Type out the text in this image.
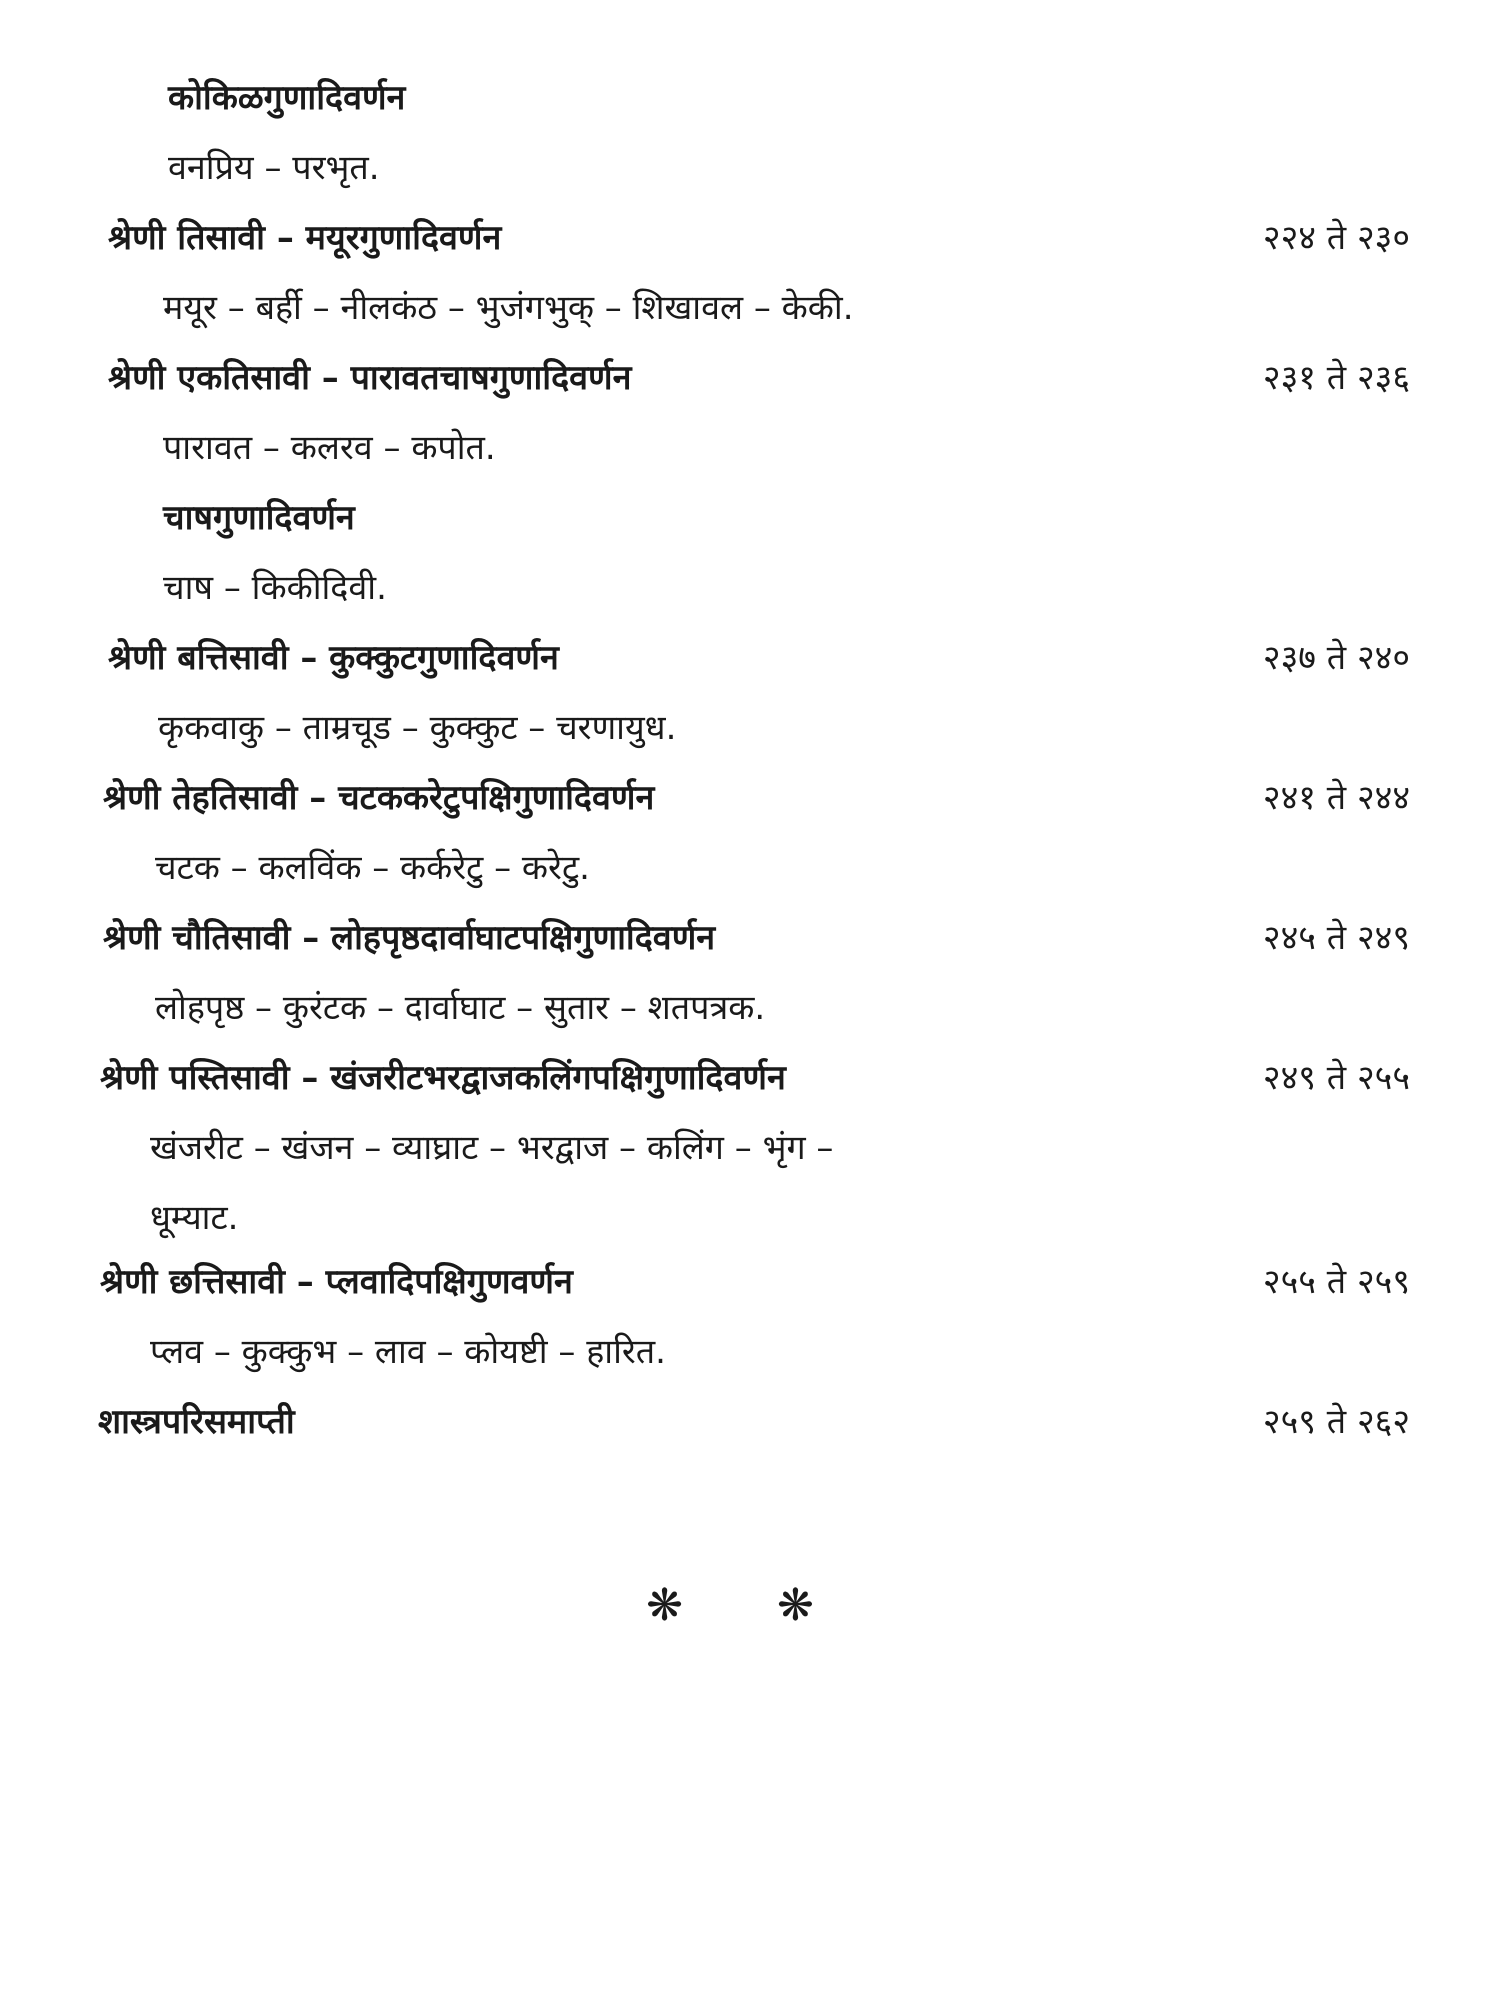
कोकिळगुणादिवर्णन
वनप्रिय – परभृत.
श्रेणी तिसावी – मयूरगुणादिवर्णन	२२४ ते २३०
मयूर – बर्ही – नीलकंठ – भुजंगभुक् – शिखावल – केकी.
श्रेणी एकतिसावी – पारावतचाषगुणादिवर्णन	२३१ ते २३६
पारावत – कलरव – कपोत.
चाषगुणादिवर्णन
चाष – किकीदिवी.
श्रेणी बत्तिसावी – कुक्कुटगुणादिवर्णन	२३७ ते २४०
कृकवाकु – ताम्रचूड – कुक्कुट – चरणायुध.
श्रेणी तेहतिसावी – चटककरेटुपक्षिगुणादिवर्णन	२४१ ते २४४
चटक – कलविंक – कर्करेटु – करेटु.
श्रेणी चौतिसावी – लोहपृष्ठदार्वाघाटपक्षिगुणादिवर्णन	२४५ ते २४९
लोहपृष्ठ – कुरंटक – दार्वाघाट – सुतार – शतपत्रक.
श्रेणी पस्तिसावी – खंजरीटभरद्वाजकलिंगपक्षिगुणादिवर्णन	२४९ ते २५५
खंजरीट – खंजन – व्याघ्राट – भरद्वाज – कलिंग – भृंग –
धूम्याट.
श्रेणी छत्तिसावी – प्लवादिपक्षिगुणवर्णन	२५५ ते २५९
प्लव – कुक्कुभ – लाव – कोयष्टी – हारित.
शास्त्रपरिसमाप्ती	२५९ ते २६२
❋ ❋
